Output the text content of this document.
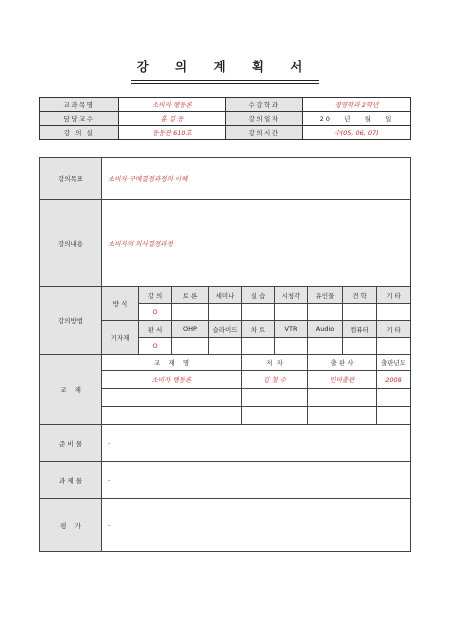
강 의 계 획 서
교과목명	소비자 행동론	수강학과	경영학과 2학년
담당교수	홍 길 동	강의일자	20   년   월   일
강 의 실	동동관 610호	강의시간	수(05, 06, 07)
강의목표	소비자 구매결정과정의 이해								
강의내용	소비자의 의사결정과정								
강의방법	방 식	강 의	토 론	세미나	실 습	시청각	유인물	견 학	기 타
		O							
	기자재	판 서	OHP	슬라이드	차 트	VTR	Audio	컴퓨터	기 타
		O							
교    재	교    재    명				저  자		출 판 사		출판년도
	소비자 행동론				김 철 수		인비출판		2008

준 비 물	-								
과 제 물	-								
평    가	-								
